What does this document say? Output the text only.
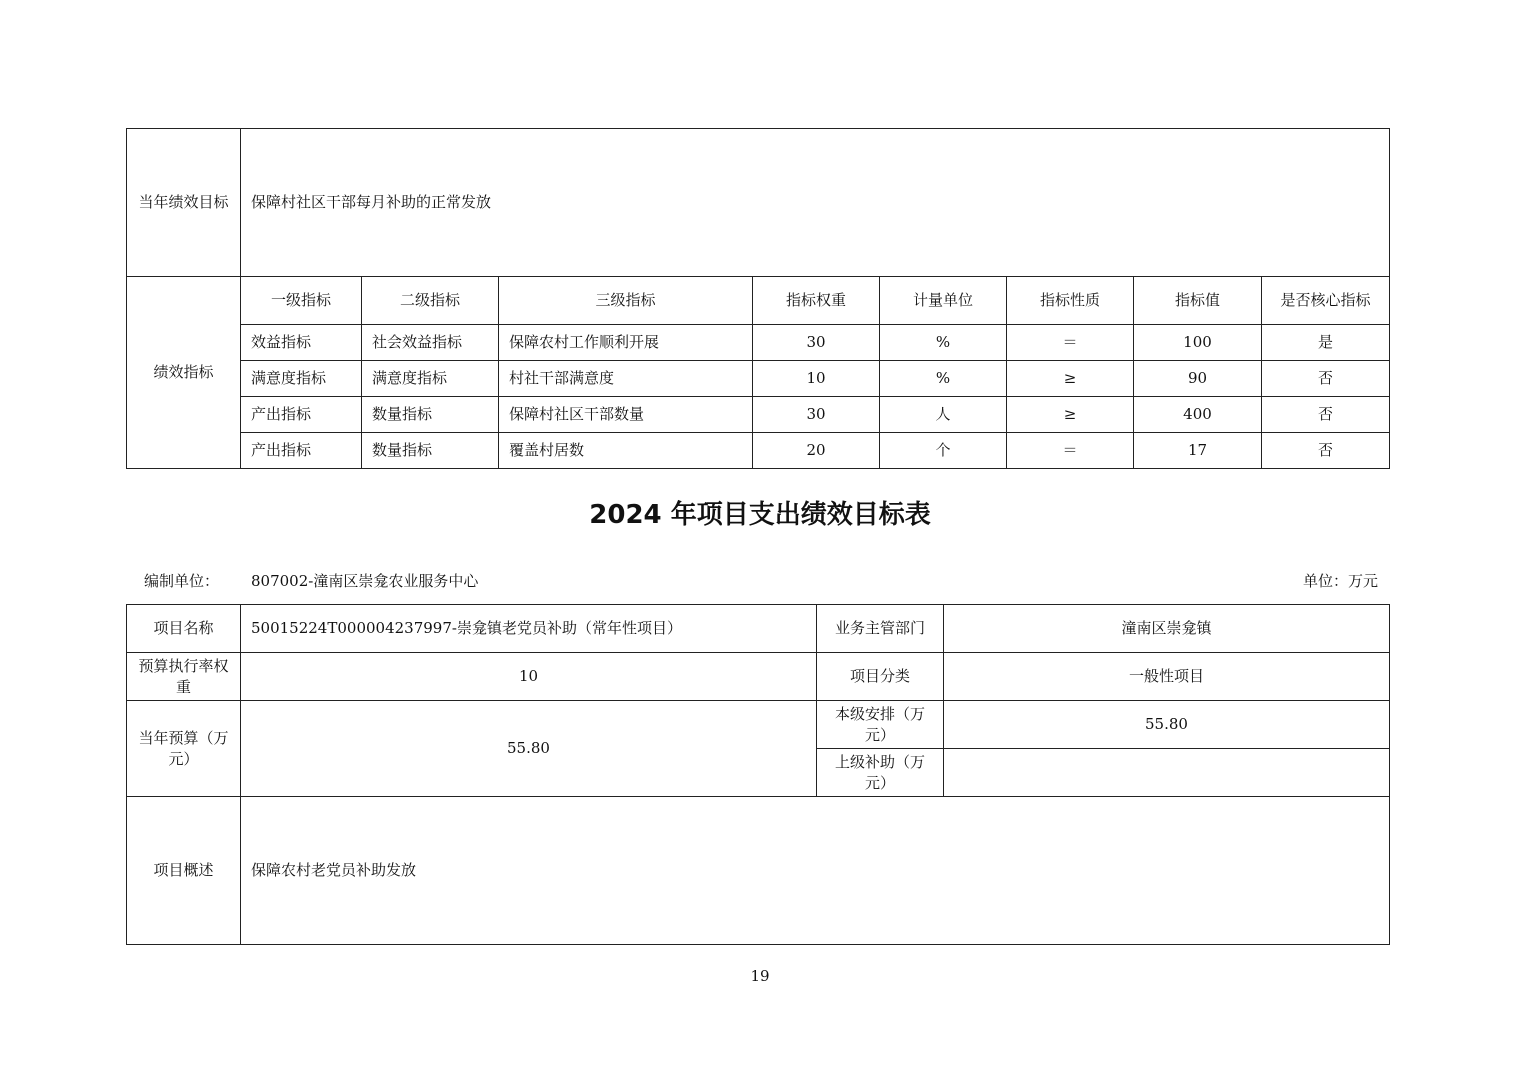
当年绩效目标	保障村社区干部每月补助的正常发放							
绩效指标	一级指标	二级指标	三级指标	指标权重	计量单位	指标性质	指标值	是否核心指标
	效益指标	社会效益指标	保障农村工作顺利开展	30	%	＝	100	是
	满意度指标	满意度指标	村社干部满意度	10	%	≥	90	否
	产出指标	数量指标	保障村社区干部数量	30	人	≥	400	否
	产出指标	数量指标	覆盖村居数	20	个	＝	17	否
2024 年项目支出绩效目标表
编制单位： 807002-潼南区崇龛农业服务中心	单位：万元
项目名称	50015224T000004237997-崇龛镇老党员补助（常年性项目）	业务主管部门	潼南区崇龛镇
预算执行率权重	10	项目分类	一般性项目
当年预算（万元）	55.80	本级安排（万元）	55.80
		上级补助（万元）	
项目概述	保障农村老党员补助发放		
19
